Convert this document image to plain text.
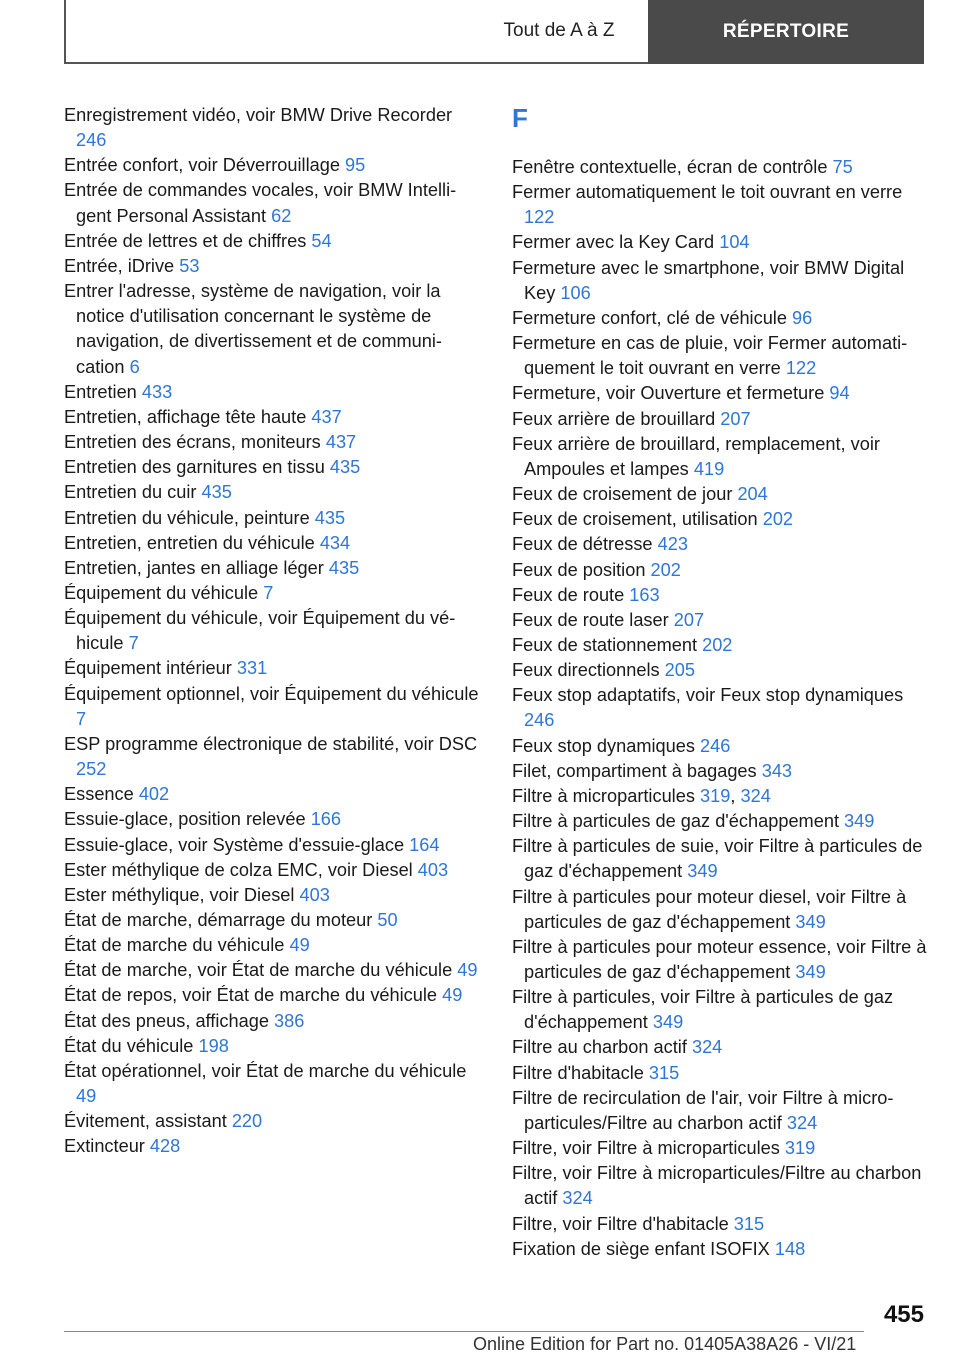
Tout de A à Z	RÉPERTOIRE
Enregistrement vidéo, voir BMW Drive Recorder 246
Entrée confort, voir Déverrouillage 95
Entrée de commandes vocales, voir BMW Intelligent Personal Assistant 62
Entrée de lettres et de chiffres 54
Entrée, iDrive 53
Entrer l'adresse, système de navigation, voir la notice d'utilisation concernant le système de navigation, de divertissement et de communication 6
Entretien 433
Entretien, affichage tête haute 437
Entretien des écrans, moniteurs 437
Entretien des garnitures en tissu 435
Entretien du cuir 435
Entretien du véhicule, peinture 435
Entretien, entretien du véhicule 434
Entretien, jantes en alliage léger 435
Équipement du véhicule 7
Équipement du véhicule, voir Équipement du véhicule 7
Équipement intérieur 331
Équipement optionnel, voir Équipement du véhicule 7
ESP programme électronique de stabilité, voir DSC 252
Essence 402
Essuie-glace, position relevée 166
Essuie-glace, voir Système d'essuie-glace 164
Ester méthylique de colza EMC, voir Diesel 403
Ester méthylique, voir Diesel 403
État de marche, démarrage du moteur 50
État de marche du véhicule 49
État de marche, voir État de marche du véhicule 49
État de repos, voir État de marche du véhicule 49
État des pneus, affichage 386
État du véhicule 198
État opérationnel, voir État de marche du véhicule 49
Évitement, assistant 220
Extincteur 428
F
Fenêtre contextuelle, écran de contrôle 75
Fermer automatiquement le toit ouvrant en verre 122
Fermer avec la Key Card 104
Fermeture avec le smartphone, voir BMW Digital Key 106
Fermeture confort, clé de véhicule 96
Fermeture en cas de pluie, voir Fermer automatiquement le toit ouvrant en verre 122
Fermeture, voir Ouverture et fermeture 94
Feux arrière de brouillard 207
Feux arrière de brouillard, remplacement, voir Ampoules et lampes 419
Feux de croisement de jour 204
Feux de croisement, utilisation 202
Feux de détresse 423
Feux de position 202
Feux de route 163
Feux de route laser 207
Feux de stationnement 202
Feux directionnels 205
Feux stop adaptatifs, voir Feux stop dynamiques 246
Feux stop dynamiques 246
Filet, compartiment à bagages 343
Filtre à microparticules 319, 324
Filtre à particules de gaz d'échappement 349
Filtre à particules de suie, voir Filtre à particules de gaz d'échappement 349
Filtre à particules pour moteur diesel, voir Filtre à particules de gaz d'échappement 349
Filtre à particules pour moteur essence, voir Filtre à particules de gaz d'échappement 349
Filtre à particules, voir Filtre à particules de gaz d'échappement 349
Filtre au charbon actif 324
Filtre d'habitacle 315
Filtre de recirculation de l'air, voir Filtre à microparticules/Filtre au charbon actif 324
Filtre, voir Filtre à microparticules 319
Filtre, voir Filtre à microparticules/Filtre au charbon actif 324
Filtre, voir Filtre d'habitacle 315
Fixation de siège enfant ISOFIX 148
455
Online Edition for Part no. 01405A38A26 - VI/21
